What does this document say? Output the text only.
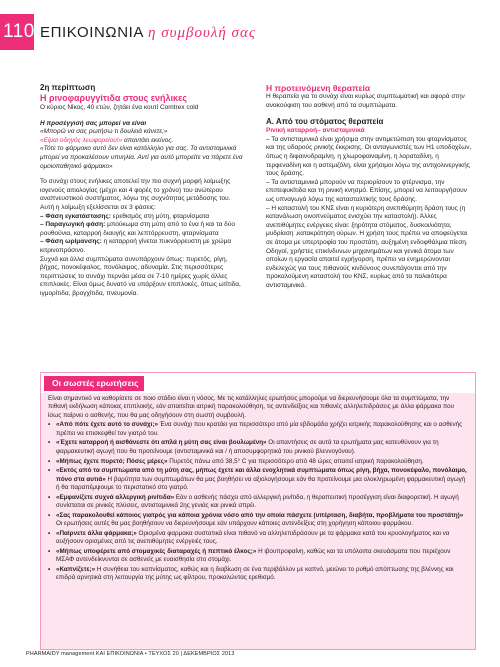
110 ΕΠΙΚΟΙΝΩΝΙΑ η συμβουλή σας
2η περίπτωση
Η ρινοφαρυγγίτιδα στους ενήλικες
Ο κύριος Νίκος, 40 ετών, ζητάει ένα κουτί Comtrex cold
Η προσέγγισή σας μπορεί να είναι
«Μπορώ να σας ρωτήσω τι δουλειά κάνετε;»
«Είμαι οδηγός λεωφορείου!» απαντάει εκείνος.
«Τότε το φάρμακο αυτό δεν είναι κατάλληλο για σας. Τα αντισταμινικά μπορεί να προκαλέσουν υπνηλία. Αντί για αυτό μπορείτε να πάρετε ένα ομοιοπαθητικό φάρμακο»
Το συνάχι στους ενήλικες αποτελεί την πιο συχνή μορφή λοίμωξης ιογενούς αιτιολογίας (μέχρι και 4 φορές το χρόνο) του ανώτερου αναπνευστικού συστήματος, λόγω της συχνότητας μετάδοσης του.
Αυτή η λοίμωξη εξελίσσεται σε 3 φάσεις:
– Φάση εγκατάστασης: ερεθισμός στη μύτη, φταρνίσματα
– Παραγωγική φάση: μπούκωμα στη μύτη από το ένα ή και τα δύο ρουθούνια, καταρροή διαυγής και λεπτόρρευστη, φταρνίσματα
– Φάση ωρίμανσης: η καταρροή γίνεται πυκνόρρευστη με χρώμα κιτρινοπράσινο.
Συχνά και άλλα συμπτώματα συνυπάρχουν όπως: πυρετός, ρίγη, βήχας, πονοκέφαλος, πονόλαιμος, αδυναμία. Στις περισσότερες περιπτώσεις το συνάχι περνάει μέσα σε 7-10 ημέρες χωρίς άλλες επιπλοκές. Είναι όμως δυνατό να υπάρξουν επιπλοκές, όπως ωτίτιδα, ιγμορίτιδα, βρογχίτιδα, πνευμονία.
Η προτεινόμενη θεραπεία
Η θεραπεία για το συνάχι είναι κυρίως συμπτωματική και αφορά στην ανακούφιση του ασθενή από τα συμπτώματα.
Α. Από του στόματος θεραπεία
Ρινική καταρροή– αντισταμινικά
– Τα αντισταμινικά είναι χρήσιμα στην αντιμετώπιση του φταρνίσματος και της υδαρούς ρινικής έκκρισης. Οι ανταγωνιστές των Η1 υποδοχέων, όπως η διφαινυδραμίνη, η χλωροφαιναμίνη, η λοραταδίνη, η τερφεναδίνη και η αστεμιζόλη, είναι χρήσιμοι λόγω της αντιχολινεργικής τους δράσης.
– Τα αντισταμινικά μπορούν να περιορίσουν το φτέρνισμα, την επιπεφυκίτιδα και τη ρινική κνησμό. Επίσης, μπορεί να λειτουργήσουν ως υπναγωγά λόγω της κατασταλτικής τους δράσης.
– Η καταστολή του ΚΝΣ είναι η κυριότερη ανεπιθύμητη δράση τους (η κατανάλωση οινοπνεύματος ενισχύει την καταστολή). Άλλες ανεπιθύμητες ενέργειες είναι: ξηρότητα στόματος, δυσκοιλιότητα, μυδρίαση ,κατακράτηση ούρων. Η χρήση τους πρέπει να αποφεύγεται σε άτομα με υπερτροφία του προστάτη, αυξημένη ενδοφθάλμια πίεση. Οδηγοί, χρήστες επικίνδυνων μηχανημάτων και γενικά άτομα των οποίων η εργασία απαιτεί εγρήγορση, πρέπει να ενημερώνονται ενδελεχώς για τους πιθανούς κινδύνους συνεπάγονται από την προκαλούμενη καταστολή του ΚΝΣ, κυρίως από τα παλαιότερα αντισταμινικά.
Οι σωστές ερωτήσεις
Είναι σημαντικό να καθορίσετε σε ποιο στάδιο είναι η νόσος. Με τις κατάλληλες ερωτήσεις μπορούμε να διερευνήσουμε όλα τα συμπτώματα, την πιθανή εκδήλωση κάποιας επιπλοκής, εάν απαιτείται ιατρική παρακολούθηση, τις αντενδείξεις και πιθανές αλληλεπιδράσεις με άλλα φάρμακα που ίσως παίρνει ο ασθενής, που θα μας οδηγήσουν στη σωστή συμβουλή.
• «Από πότε έχετε αυτό το συνάχι;» Ένα συνάχι που κρατάει για περισσότερο από μία εβδομάδα χρήζει ιατρικής παρακολούθησης και ο ασθενής πρέπει να επισκεφθεί τον γιατρό του.
• «Έχετε καταρροή ή αισθάνεστε ότι απλά η μύτη σας είναι βουλωμένη» Οι απαντήσεις σε αυτά τα ερωτήματα μας κατευθύνουν για τη φαρμακευτική αγωγή που θα προτείνουμε (αντισταμινικά και / ή αποσυμφορητικά του ρινικού βλεννογόνου).
• «Μήπως έχετε πυρετό; Πόσες μέρες» Πυρετός πάνω από 38,5° C για περισσότερο από 48 ώρες απαιτεί ιατρική παρακολούθηση.
• «Εκτός από τα συμπτώματα από τη μύτη σας, μήπως έχετε και άλλα ενοχλητικά συμπτώματα όπως ρίγη, βήχα, πονοκέφαλο, πονόλαιμο, πόνο στα αυτιά» Η βαρύτητα των συμπτωμάτων θα μας βοηθήσει να αξιολογήσουμε εάν θα προτείνουμε μια ολοκληρωμένη φαρμακευτική αγωγή ή θα παραπέμψουμε το περιστατικό στο γιατρό.
• «Εμφανίζετε συχνά αλλεργική ρινίτιδα» Εάν ο ασθενής πάσχει από αλλεργική ρινίτιδα, η θεραπευτική προσέγγιση είναι διαφορετική. Η αγωγή συνίσταται σε ρινικές πλύσεις, αντισταμινικά 2ης γενιάς και ρινικά σπρέι.
• «Σας παρακολουθεί κάποιος γιατρός για κάποια χρόνια νόσο από την οποία πάσχετε (υπέρταση, διαβήτα, προβλήματα του προστάτη)» Οι ερωτήσεις αυτές θα μας βοηθήσουν να διερευνήσουμε εάν υπάρχουν κάποιες αντενδείξεις στη χορήγηση κάποιου φαρμάκου.
• «Παίρνετε άλλα φάρμακα;» Ορισμένα φαρμακα συστατικά είναι πιθανό να αλληλεπιδράσουν με τα φάρμακα κατά του κρυολογήματος και να αυξήσουν ορισμένες από τις ανεπιθύμητες ενέργειές τους.
• «Μήπως υποφέρετε από στομαχικές διαταραχές ή πεπτικό έλκος;» Η ιβουπροφαίνη, καθώς και τα υπόλοιπα σκευάσματα που περιέχουν ΜΣΑΦ αντενδείκνυνται σε ασθενείς με ευαισθησία στο στομάχι.
• «Καπνίζετε;» Η συνήθεια του καπνίσματος, καθώς και η διαβίωση σε ένα περιβάλλον με καπνό, μειώνει το ρυθμό απόπτωσης της βλέννης και επιδρά αρνητικά στη λειτουργία της μύτης ως φίλτρου, προκαλώντας ερεθισμό.
PHARMAIDY management ΚΑΙ ΕΠΙΚΟΙΝΩΝΙΑ • ΤΕΥΧΟΣ 20 | ΔΕΚΕΜΒΡΙΟΣ 2013
